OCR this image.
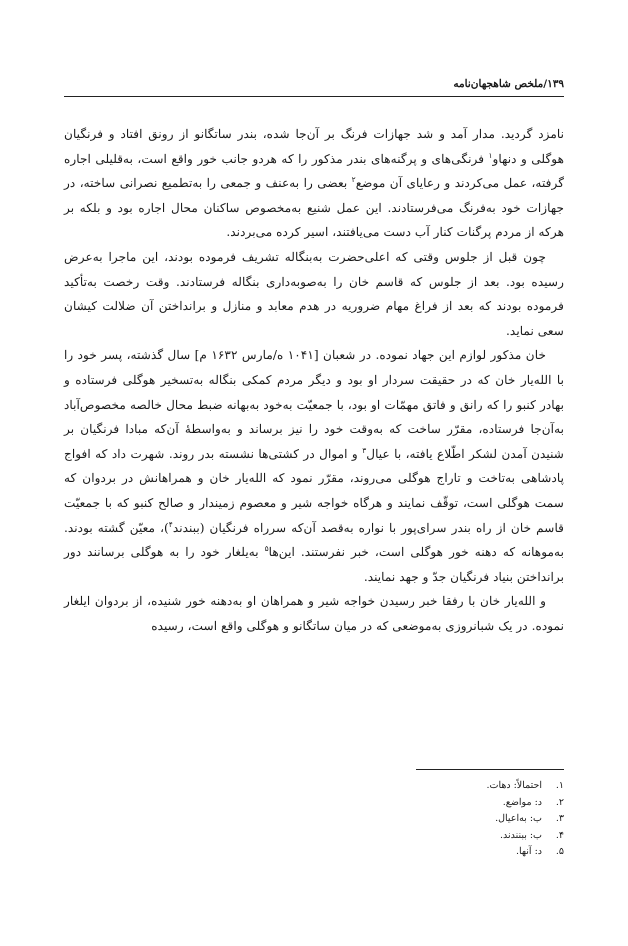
۱۳۹/ملخص شاهجهان‌نامه

نامزد گردید. مدار آمد و شد جهازات فرنگ بر آن‌جا شده، بندر ساتگانو از رونق افتاد و فرنگیان هوگلی و دنهاو$^۱$ فرنگی‌های و پرگنه‌های بندر مذکور را که هردو جانب خور واقع است، به‌قلیلی اجاره گرفته، عمل می‌کردند و رعایای آن موضع$^۲$ بعضی را به‌عنف و جمعی را به‌تطمیع نصرانی ساخته، در جهازات خود به‌فرنگ می‌فرستادند. این عمل شنیع به‌مخصوص ساکنان محال اجاره بود و بلکه بر هرکه از مردم پرگنات کنار آب دست می‌یافتند، اسیر کرده می‌بردند.

چون قبل از جلوس وقتی که اعلی‌حضرت به‌بنگاله تشریف فرموده بودند، این ماجرا به‌عرض رسیده بود. بعد از جلوس که قاسم خان را به‌صوبه‌داری بنگاله فرستادند. وقت رخصت به‌تأکید فرموده بودند که بعد از فراغ مهام ضروریه در هدم معابد و منازل و برانداختن آن ضلالت کیشان سعی نماید.

خان مذکور لوازم این جهاد نموده. در شعبان [۱۰۴۱ ه/مارس ۱۶۳۲ م] سال گذشته، پسر خود را با الله‌یار خان که در حقیقت سردار او بود و دیگر مردم کمکی بنگاله به‌تسخیر هوگلی فرستاده و بهادر کنبو را که رانق و فاتق مهمّات او بود، با جمعیّت به‌خود به‌بهانه ضبط محال خالصه مخصوص‌آباد به‌آن‌جا فرستاده، مقرّر ساخت که به‌وقت خود را نیز برساند و به‌واسطهٔ آن‌که مبادا فرنگیان بر شنیدن آمدن لشکر اطّلاع یافته، با عیال$^۳$ و اموال در کشتی‌ها نشسته بدر روند. شهرت داد که افواج پادشاهی به‌تاخت و تاراج هوگلی می‌روند، مقرّر نمود که الله‌یار خان و همراهانش در بردوان که سمت هوگلی است، توقّف نمایند و هرگاه خواجه شیر و معصوم زمیندار و صالح کنبو که با جمعیّت قاسم خان از راه بندر سرای‌پور با نواره به‌قصد آن‌که سرراه فرنگیان (ببندند$^۴$)، معیّن گشته بودند. به‌موهانه که دهنه خور هوگلی است، خبر نفرستند. این‌ها$^۵$ به‌یلغار خود را به هوگلی برسانند دور برانداختن بنیاد فرنگیان جدّ و جهد نمایند.

و الله‌یار خان با رفقا خبر رسیدن خواجه شیر و همراهان او به‌دهنه خور شنیده، از بردوان ایلغار نموده. در یک شبانروزی به‌موضعی که در میان ساتگانو و هوگلی واقع است، رسیده

۱.احتمالاً: دهات.
۲.د: مواضع.
۳.ب: به‌اعیال.
۴.ب: ببنندند.
۵.د: آنها.
